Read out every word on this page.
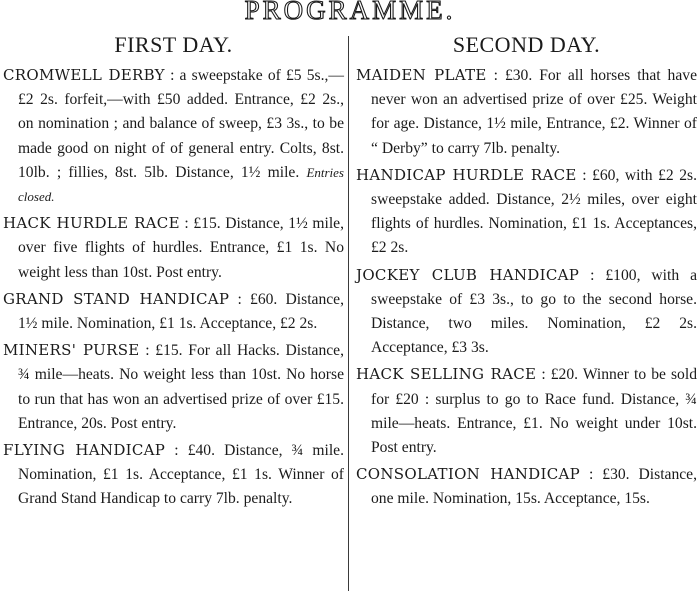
PROGRAMME.
FIRST DAY.
CROMWELL DERBY : a sweepstake of £5 5s.,—£2 2s. forfeit,—with £50 added. Entrance, £2 2s., on nomination ; and balance of sweep, £3 3s., to be made good on night of of general entry. Colts, 8st. 10lb. ; fillies, 8st. 5lb. Distance, 1½ mile. Entries closed.
HACK HURDLE RACE : £15. Distance, 1½ mile, over five flights of hurdles. Entrance, £1 1s. No weight less than 10st. Post entry.
GRAND STAND HANDICAP : £60. Distance, 1½ mile. Nomination, £1 1s. Acceptance, £2 2s.
MINERS' PURSE : £15. For all Hacks. Distance, ¾ mile—heats. No weight less than 10st. No horse to run that has won an advertised prize of over £15. Entrance, 20s. Post entry.
FLYING HANDICAP : £40. Distance, ¾ mile. Nomination, £1 1s. Acceptance, £1 1s. Winner of Grand Stand Handicap to carry 7lb. penalty.
SECOND DAY.
MAIDEN PLATE : £30. For all horses that have never won an advertised prize of over £25. Weight for age. Distance, 1½ mile, Entrance, £2. Winner of “ Derby” to carry 7lb. penalty.
HANDICAP HURDLE RACE : £60, with £2 2s. sweepstake added. Distance, 2½ miles, over eight flights of hurdles. Nomination, £1 1s. Acceptances, £2 2s.
JOCKEY CLUB HANDICAP : £100, with a sweepstake of £3 3s., to go to the second horse. Distance, two miles. Nomination, £2 2s. Acceptance, £3 3s.
HACK SELLING RACE : £20. Winner to be sold for £20 : surplus to go to Race fund. Distance, ¾ mile—heats. Entrance, £1. No weight under 10st. Post entry.
CONSOLATION HANDICAP : £30. Distance, one mile. Nomination, 15s. Acceptance, 15s.
